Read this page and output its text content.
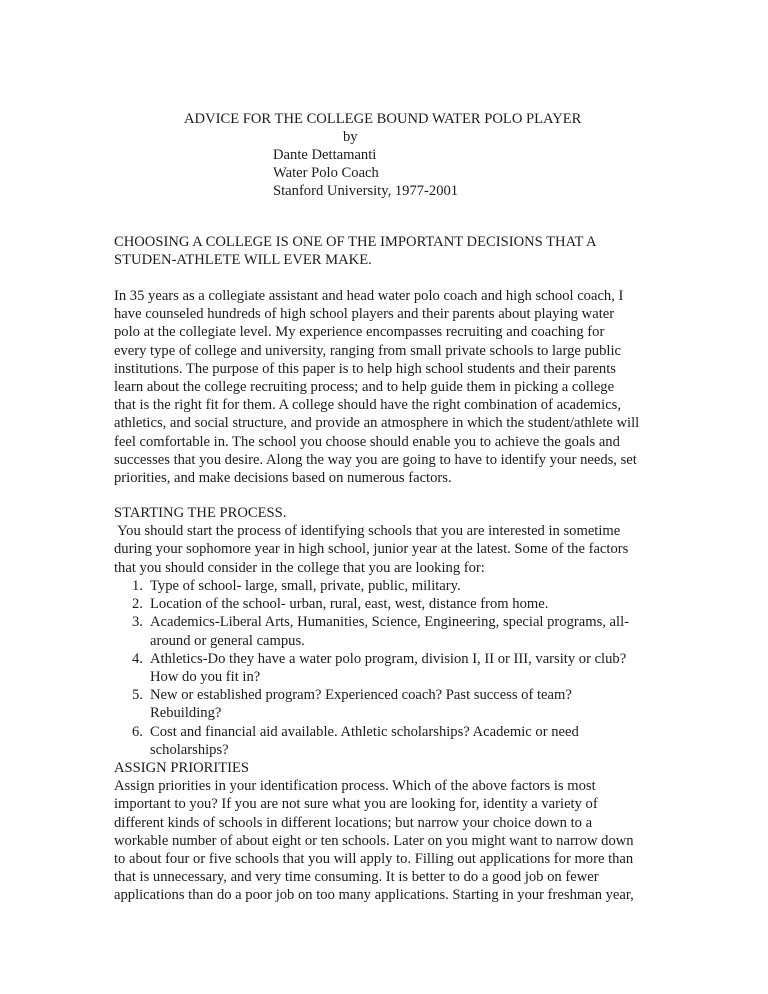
ADVICE FOR THE COLLEGE BOUND WATER POLO PLAYER
by
Dante Dettamanti
Water Polo Coach
Stanford University, 1977-2001
CHOOSING A COLLEGE IS ONE OF THE IMPORTANT DECISIONS THAT A
STUDEN-ATHLETE WILL EVER MAKE.
In 35 years as a collegiate assistant and head water polo coach and high school coach, I
have counseled hundreds of high school players and their parents about playing water
polo at the collegiate level. My experience encompasses recruiting and coaching for
every type of college and university, ranging from small private schools to large public
institutions. The purpose of this paper is to help high school students and their parents
learn about the college recruiting process; and to help guide them in picking a college
that is the right fit for them. A college should have the right combination of academics,
athletics, and social structure, and provide an atmosphere in which the student/athlete will
feel comfortable in. The school you choose should enable you to achieve the goals and
successes that you desire. Along the way you are going to have to identify your needs, set
priorities, and make decisions based on numerous factors.
STARTING THE PROCESS.
You should start the process of identifying schools that you are interested in sometime
during your sophomore year in high school, junior year at the latest. Some of the factors
that you should consider in the college that you are looking for:
1. Type of school- large, small, private, public, military.
2. Location of the school- urban, rural, east, west, distance from home.
3. Academics-Liberal Arts, Humanities, Science, Engineering, special programs, all-
around or general campus.
4. Athletics-Do they have a water polo program, division I, II or III, varsity or club?
How do you fit in?
5. New or established program? Experienced coach? Past success of team?
Rebuilding?
6. Cost and financial aid available. Athletic scholarships? Academic or need
scholarships?
ASSIGN PRIORITIES
Assign priorities in your identification process. Which of the above factors is most
important to you? If you are not sure what you are looking for, identity a variety of
different kinds of schools in different locations; but narrow your choice down to a
workable number of about eight or ten schools. Later on you might want to narrow down
to about four or five schools that you will apply to. Filling out applications for more than
that is unnecessary, and very time consuming. It is better to do a good job on fewer
applications than do a poor job on too many applications. Starting in your freshman year,
